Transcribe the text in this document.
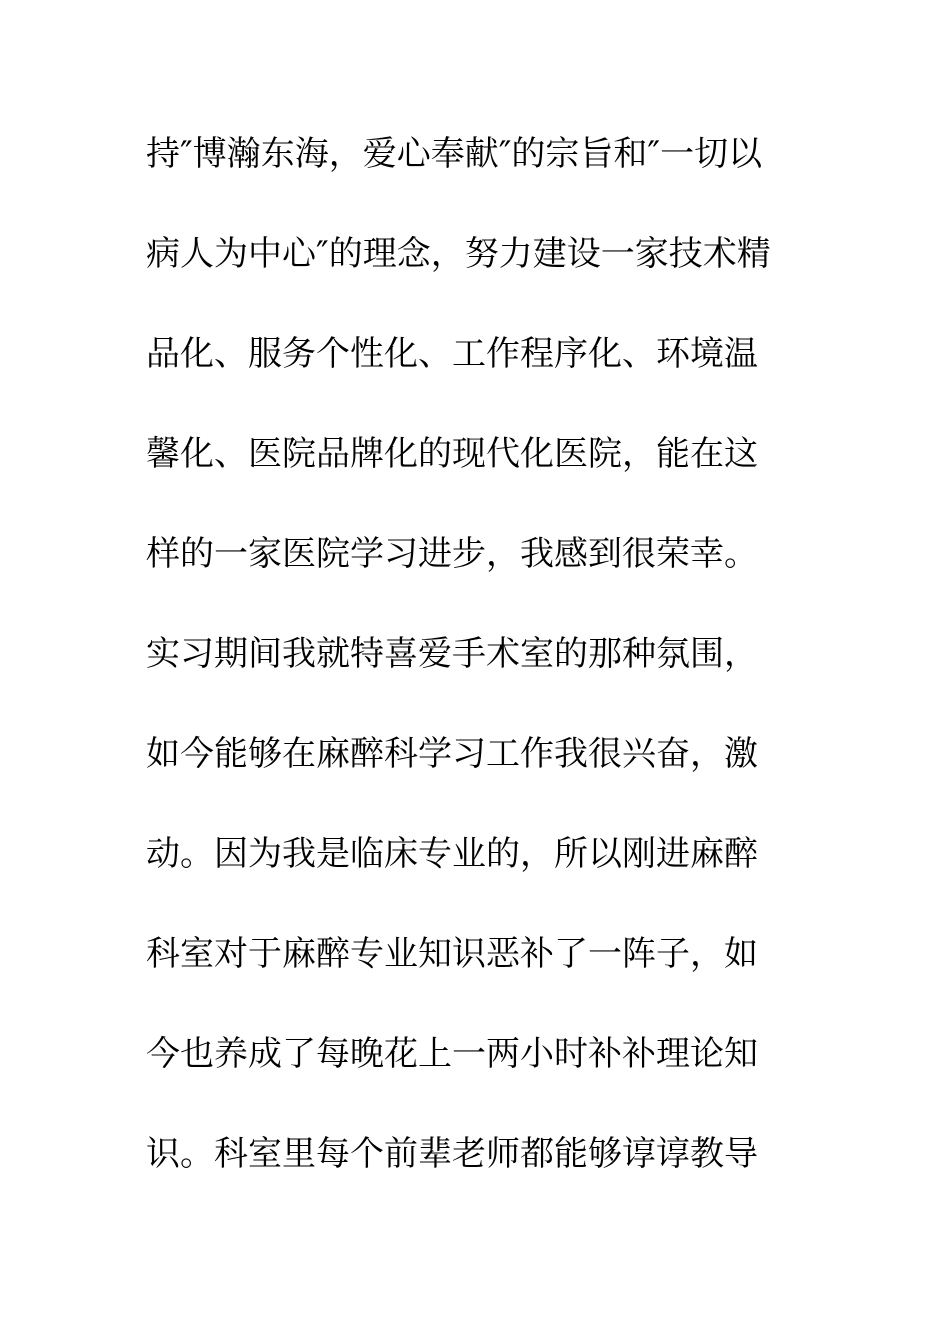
持″博瀚东海，爱心奉献″的宗旨和″一切以
病人为中心″的理念，努力建设一家技术精
品化、服务个性化、工作程序化、环境温
馨化、医院品牌化的现代化医院，能在这
样的一家医院学习进步，我感到很荣幸。
实习期间我就特喜爱手术室的那种氛围，
如今能够在麻醉科学习工作我很兴奋，激
动。因为我是临床专业的，所以刚进麻醉
科室对于麻醉专业知识恶补了一阵子，如
今也养成了每晚花上一两小时补补理论知
识。科室里每个前辈老师都能够谆谆教导
